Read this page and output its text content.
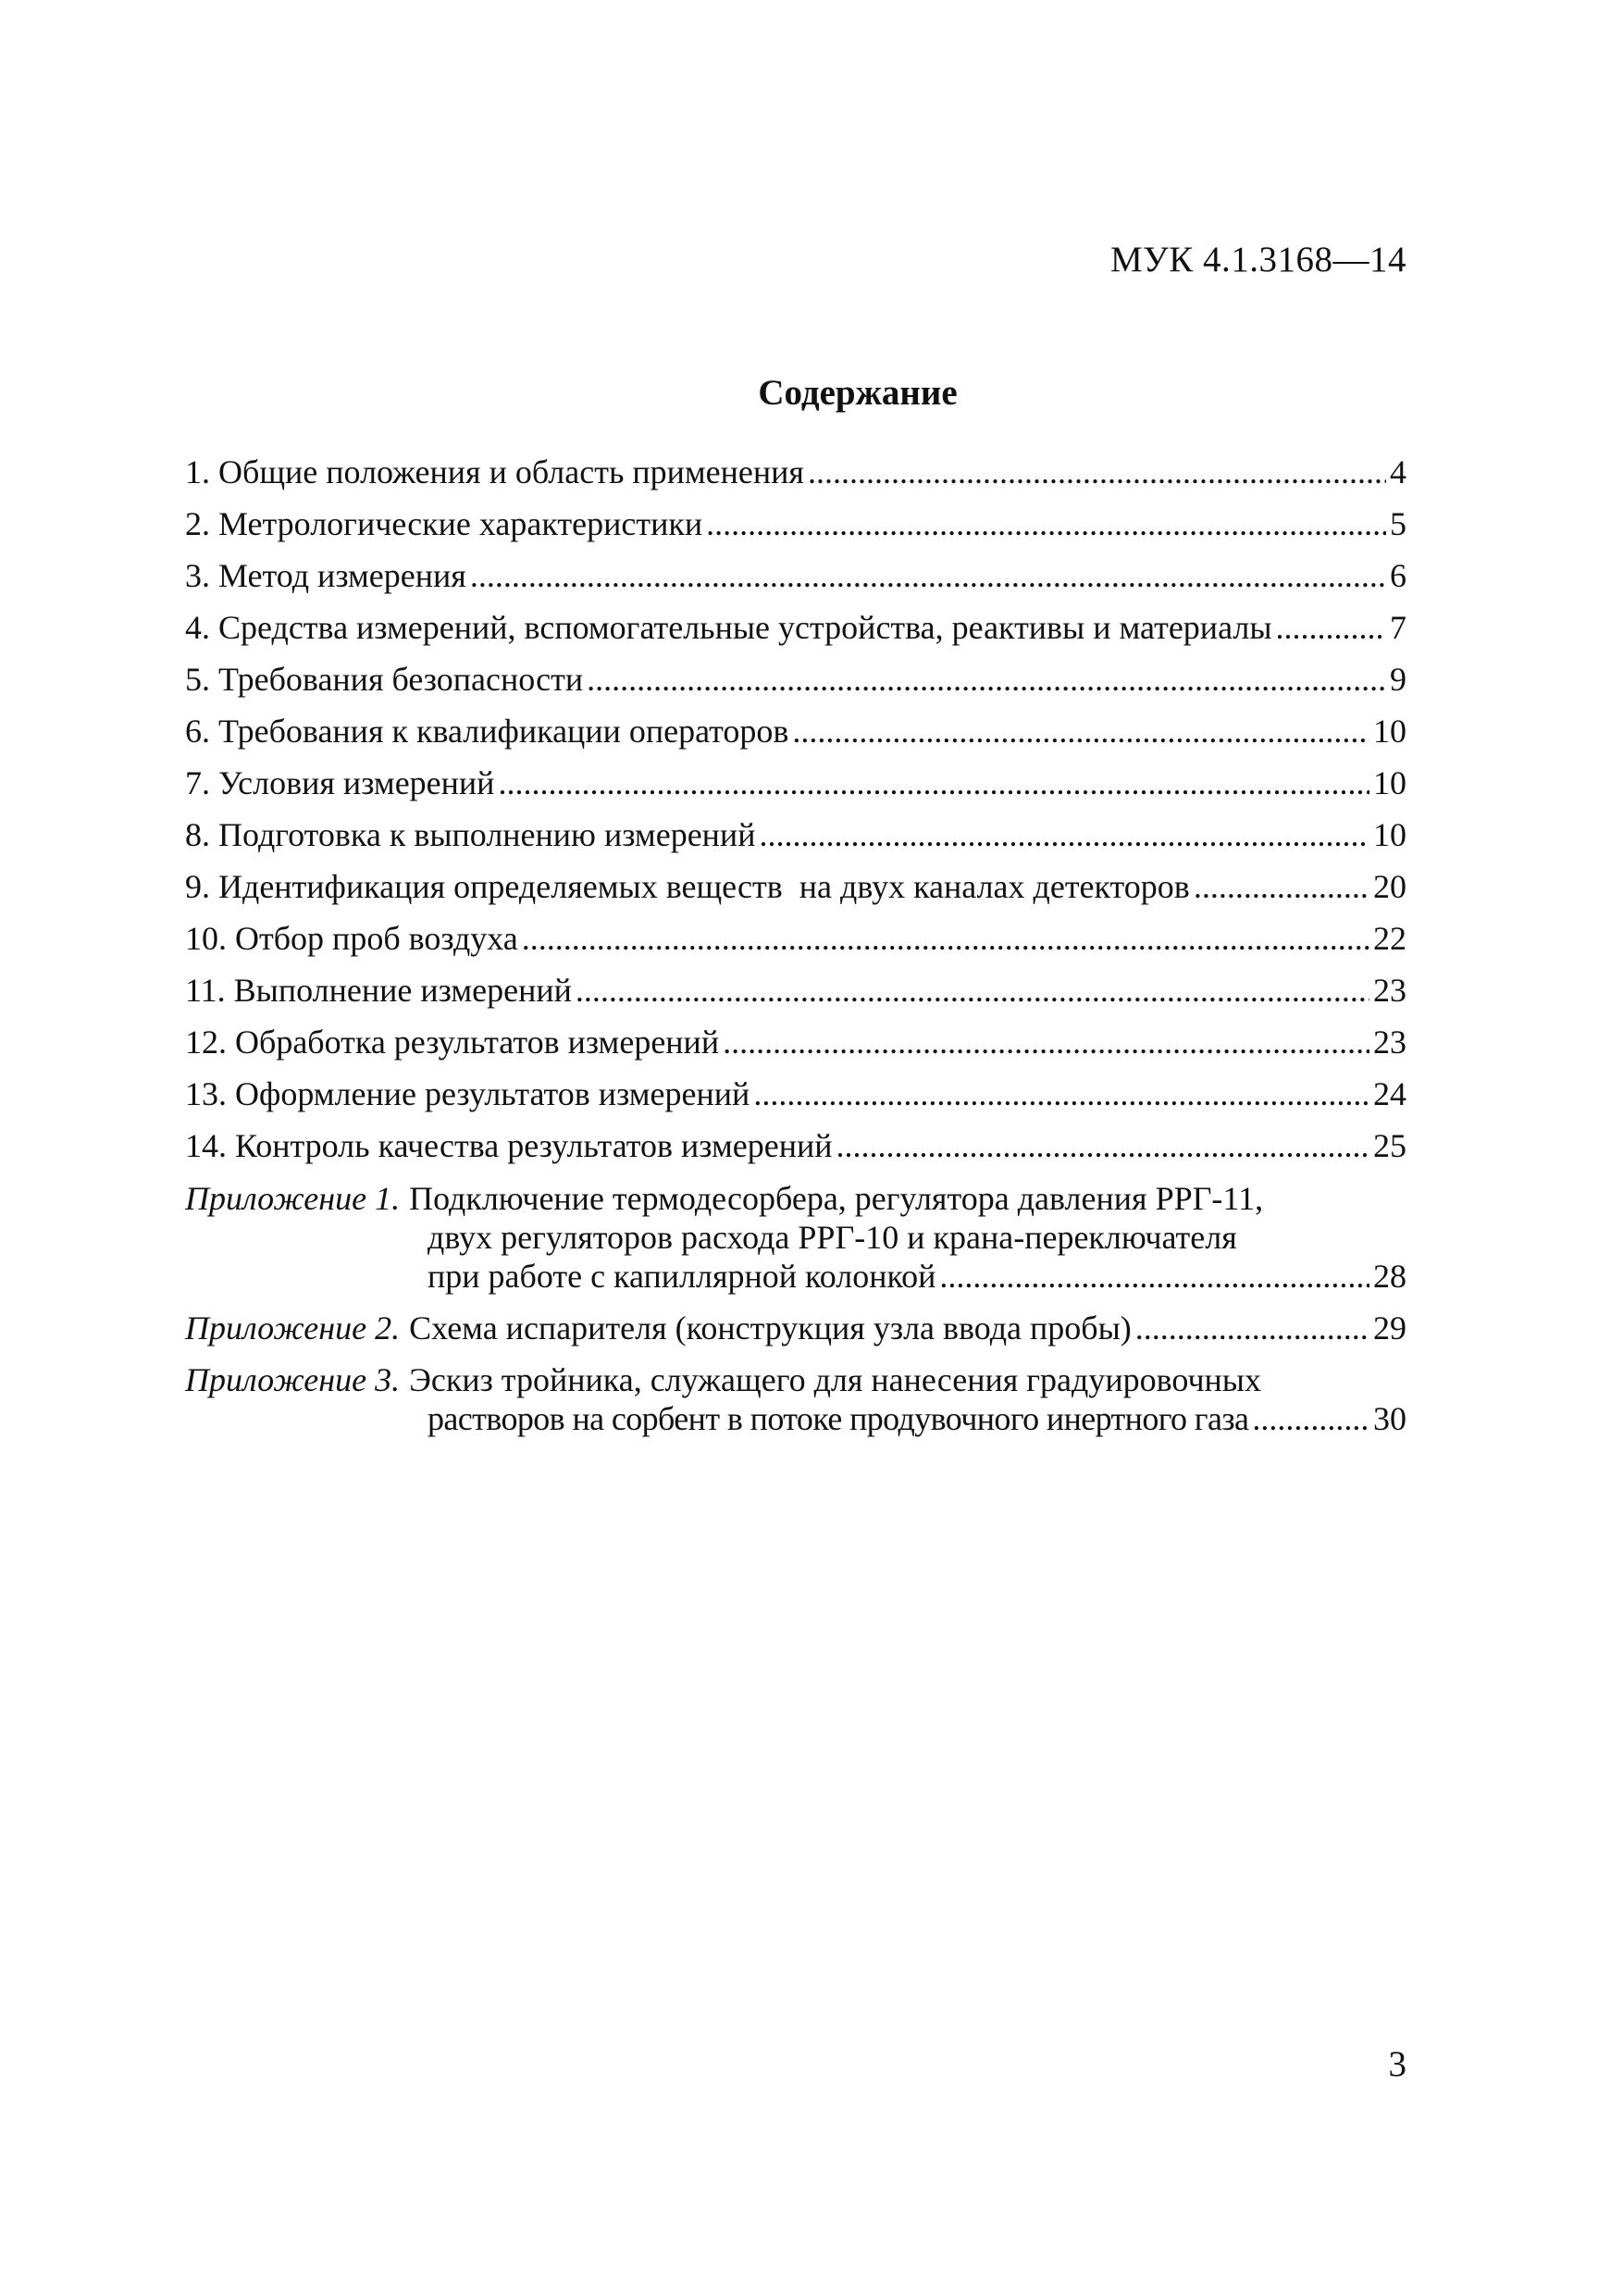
МУК 4.1.3168—14
Содержание
1. Общие положения и область применения .....	4
2. Метрологические характеристики .....	5
3. Метод измерения .....	6
4. Средства измерений, вспомогательные устройства, реактивы и материалы .....	7
5. Требования безопасности .....	9
6. Требования к квалификации операторов .....	10
7. Условия измерений .....	10
8. Подготовка к выполнению измерений .....	10
9. Идентификация определяемых веществ  на двух каналах детекторов .....	20
10. Отбор проб воздуха .....	22
11. Выполнение измерений .....	23
12. Обработка результатов измерений .....	23
13. Оформление результатов измерений .....	24
14. Контроль качества результатов измерений .....	25
Приложение 1. Подключение термодесорбера, регулятора давления РРГ-11,
двух регуляторов расхода РРГ-10 и крана-переключателя
при работе с капиллярной колонкой .....	28
Приложение 2. Схема испарителя (конструкция узла ввода пробы) .....	29
Приложение 3. Эскиз тройника, служащего для нанесения градуировочных
растворов на сорбент в потоке продувочного инертного газа .....	30
3
